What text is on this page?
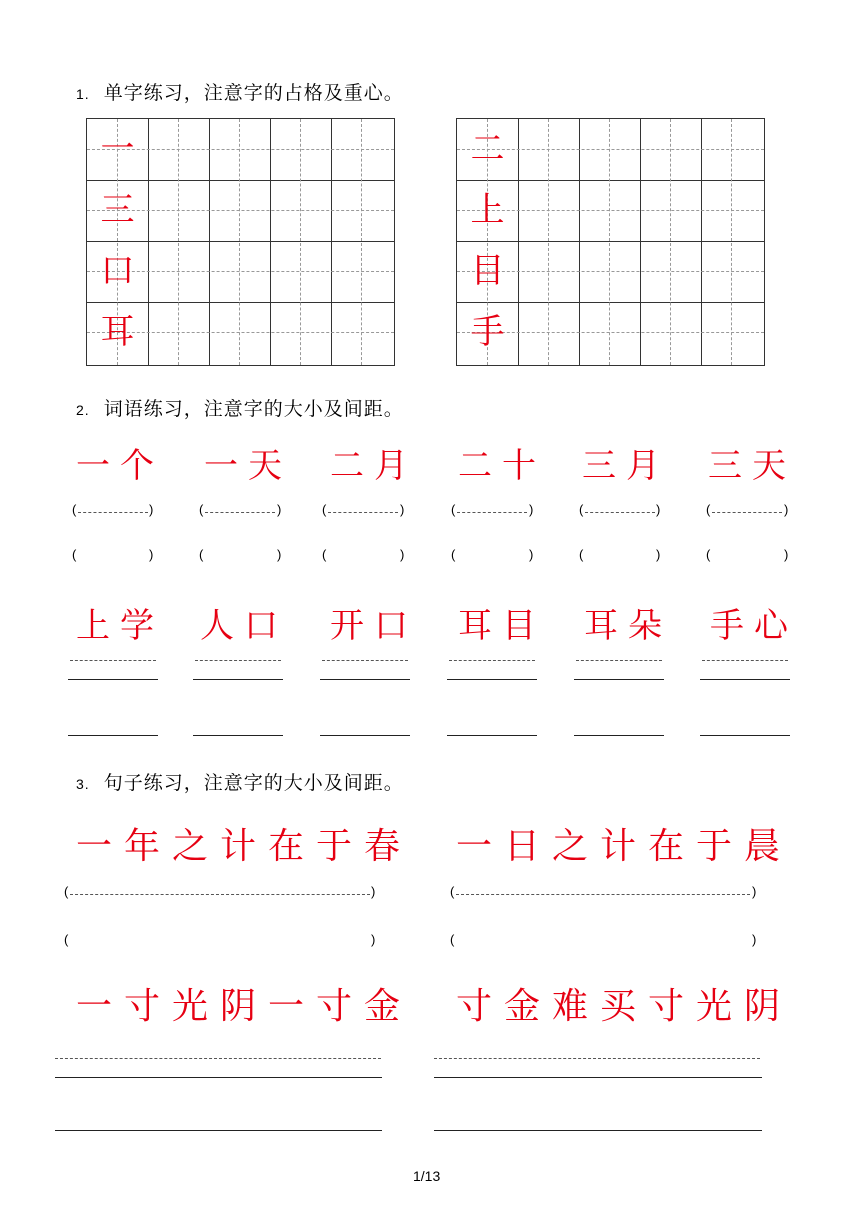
1. 单字练习，注意字的占格及重心。
一
三
口
耳
二
上
目
手
2. 词语练习，注意字的大小及间距。
一个 一天 二月 二十 三月 三天
(	)	(	)	(	)	(	)	(	)	(	)
(	)	(	)	(	)	(	)	(	)	(	)
上学 人口 开口 耳目 耳朵 手心
3. 句子练习，注意字的大小及间距。
一年之计在于春 一日之计在于晨
(	)	(	)
(	)	(	)
一寸光阴一寸金 寸金难买寸光阴
1/13
